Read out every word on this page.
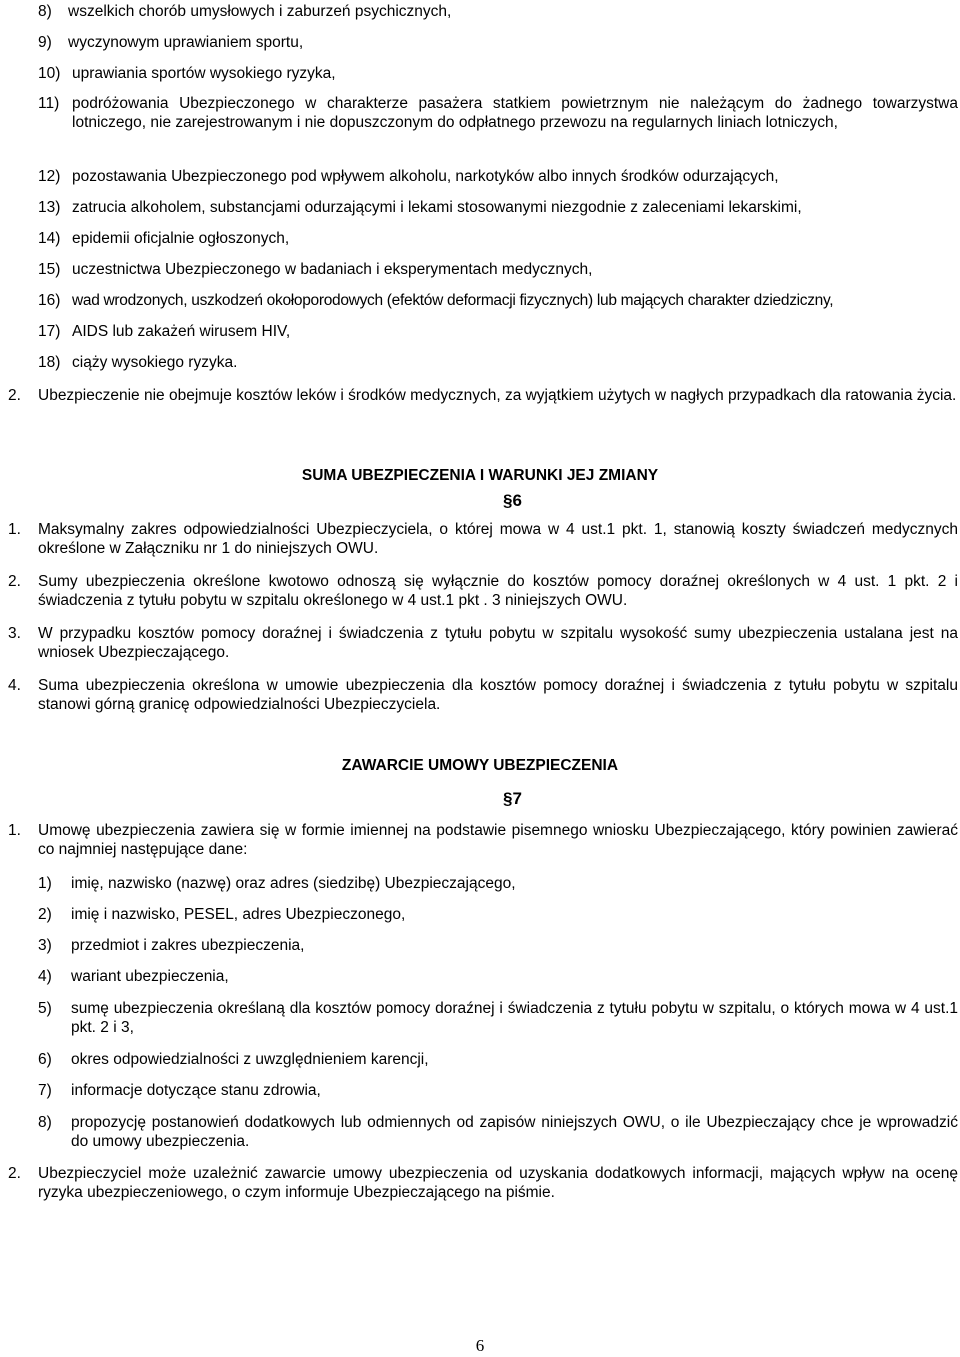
8)	wszelkich chorób umysłowych i zaburzeń psychicznych,
9)	wyczynowym uprawianiem sportu,
10) uprawiania sportów wysokiego ryzyka,
11) podróżowania Ubezpieczonego w charakterze pasażera statkiem powietrznym nie należącym do żadnego towarzystwa lotniczego, nie zarejestrowanym i nie dopuszczonym do odpłatnego przewozu na regularnych liniach lotniczych,
12) pozostawania Ubezpieczonego pod wpływem alkoholu, narkotyków albo innych środków odurzających,
13) zatrucia alkoholem, substancjami odurzającymi i lekami stosowanymi niezgodnie z zaleceniami lekarskimi,
14) epidemii oficjalnie ogłoszonych,
15) uczestnictwa Ubezpieczonego w badaniach i eksperymentach medycznych,
16) wad wrodzonych, uszkodzeń okołoporodowych (efektów deformacji fizycznych) lub mających charakter dziedziczny,
17) AIDS lub zakażeń wirusem HIV,
18) ciąży wysokiego ryzyka.
2.	Ubezpieczenie nie obejmuje kosztów leków i środków medycznych, za wyjątkiem użytych w nagłych przypadkach dla ratowania życia.
SUMA UBEZPIECZENIA I WARUNKI JEJ ZMIANY
§6
1.	Maksymalny zakres odpowiedzialności Ubezpieczyciela, o której mowa w 4 ust.1 pkt. 1, stanowią koszty świadczeń medycznych określone w Załączniku nr 1 do niniejszych OWU.
2.	Sumy ubezpieczenia określone kwotowo odnoszą się wyłącznie do kosztów pomocy doraźnej określonych w 4 ust. 1 pkt. 2 i świadczenia z tytułu pobytu w szpitalu określonego w 4 ust.1 pkt . 3 niniejszych OWU.
3.	W przypadku kosztów pomocy doraźnej i świadczenia z tytułu pobytu w szpitalu wysokość sumy ubezpieczenia ustalana jest na wniosek Ubezpieczającego.
4.	Suma ubezpieczenia określona w umowie ubezpieczenia dla kosztów pomocy doraźnej i świadczenia z tytułu pobytu w szpitalu stanowi górną granicę odpowiedzialności Ubezpieczyciela.
ZAWARCIE UMOWY UBEZPIECZENIA
§7
1.	Umowę ubezpieczenia zawiera się w formie imiennej na podstawie pisemnego wniosku Ubezpieczającego, który powinien zawierać co najmniej następujące dane:
1)	imię, nazwisko (nazwę) oraz adres (siedzibę) Ubezpieczającego,
2)	imię i nazwisko, PESEL, adres Ubezpieczonego,
3)	przedmiot i zakres ubezpieczenia,
4)	wariant ubezpieczenia,
5)	sumę ubezpieczenia określaną dla kosztów pomocy doraźnej i świadczenia z tytułu pobytu w szpitalu, o których mowa w 4 ust.1 pkt. 2 i 3,
6)	okres odpowiedzialności z uwzględnieniem karencji,
7)	informacje dotyczące stanu zdrowia,
8)	propozycję postanowień dodatkowych lub odmiennych od zapisów niniejszych OWU, o ile Ubezpieczający chce je wprowadzić do umowy ubezpieczenia.
2.	Ubezpieczyciel może uzależnić zawarcie umowy ubezpieczenia od uzyskania dodatkowych informacji, mających wpływ na ocenę ryzyka ubezpieczeniowego, o czym informuje Ubezpieczającego na piśmie.
6
